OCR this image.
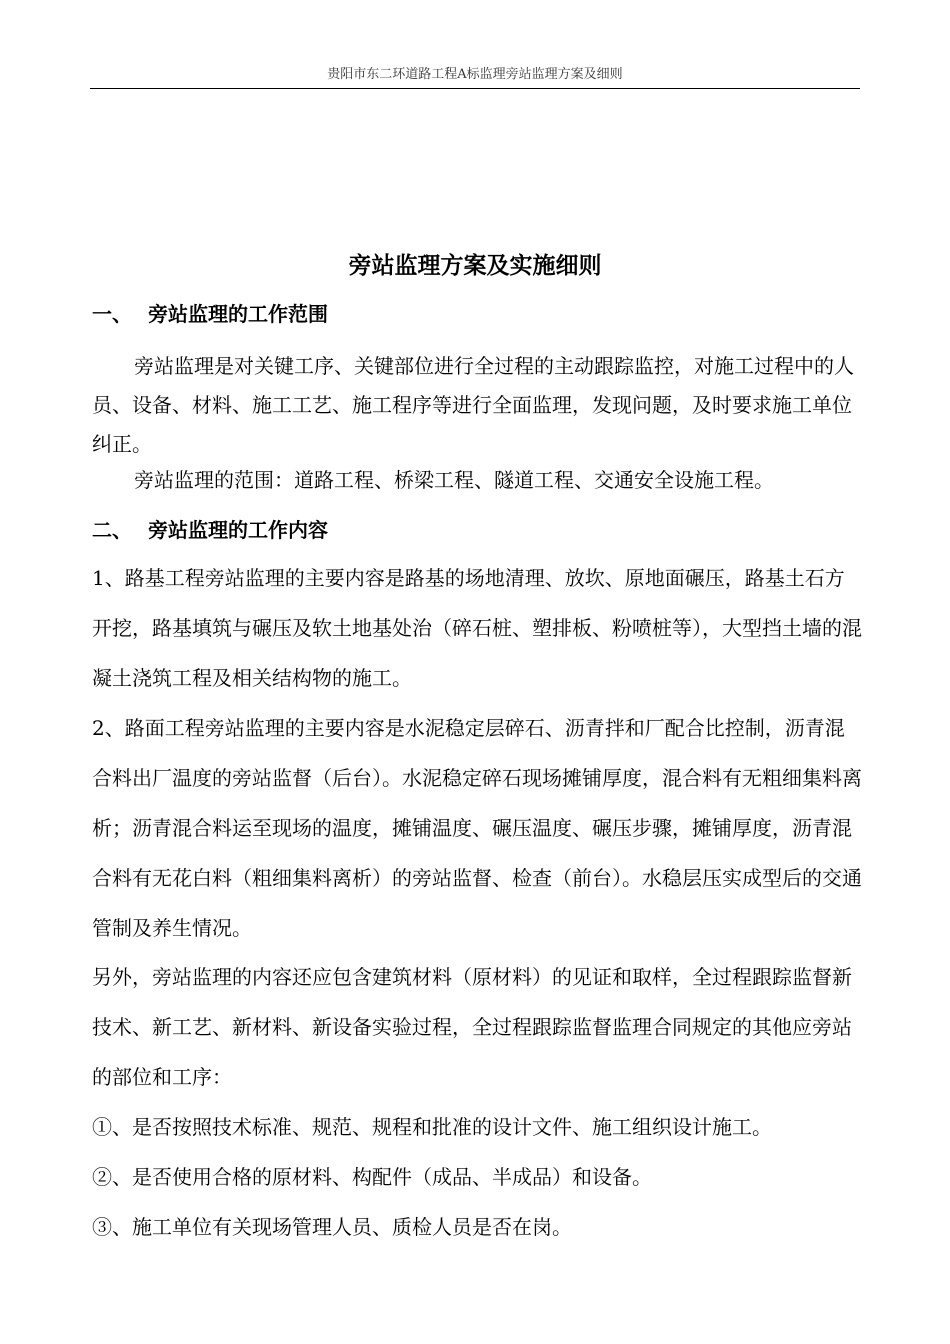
贵阳市东二环道路工程A标监理旁站监理方案及细则
旁站监理方案及实施细则
一、 旁站监理的工作范围

旁站监理是对关键工序、关键部位进行全过程的主动跟踪监控，对施工过程中的人员、设备、材料、施工工艺、施工程序等进行全面监理，发现问题，及时要求施工单位纠正。

旁站监理的范围：道路工程、桥梁工程、隧道工程、交通安全设施工程。

二、 旁站监理的工作内容

1、路基工程旁站监理的主要内容是路基的场地清理、放坎、原地面碾压，路基土石方开挖，路基填筑与碾压及软土地基处治（碎石桩、塑排板、粉喷桩等），大型挡土墙的混凝土浇筑工程及相关结构物的施工。

2、路面工程旁站监理的主要内容是水泥稳定层碎石、沥青拌和厂配合比控制，沥青混合料出厂温度的旁站监督（后台）。水泥稳定碎石现场摊铺厚度，混合料有无粗细集料离析；沥青混合料运至现场的温度，摊铺温度、碾压温度、碾压步骤，摊铺厚度，沥青混合料有无花白料（粗细集料离析）的旁站监督、检查（前台）。水稳层压实成型后的交通管制及养生情况。

另外，旁站监理的内容还应包含建筑材料（原材料）的见证和取样，全过程跟踪监督新技术、新工艺、新材料、新设备实验过程，全过程跟踪监督监理合同规定的其他应旁站的部位和工序：

①、是否按照技术标准、规范、规程和批准的设计文件、施工组织设计施工。

②、是否使用合格的原材料、构配件（成品、半成品）和设备。

③、施工单位有关现场管理人员、质检人员是否在岗。
